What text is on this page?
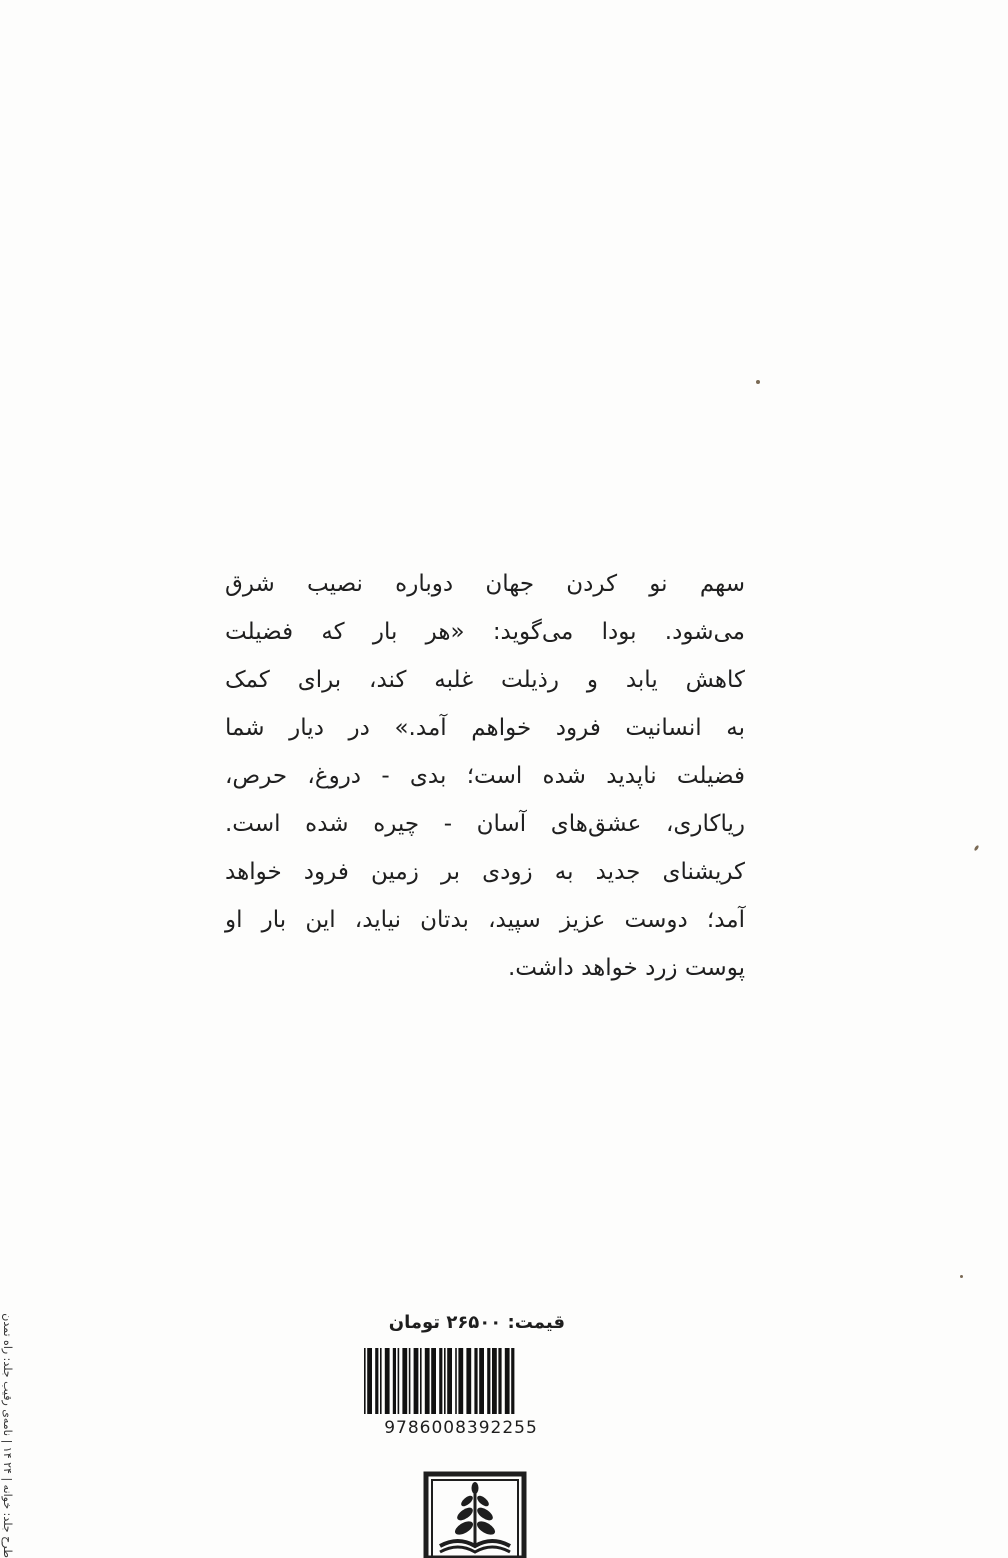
طرح جلد: خوانه | ۲۴ ۱۴ | نامه‌ی رقیب جلد: راه تمدن
سهم نو کردن جهان دوباره نصیب شرق
می‌شود. بودا می‌گوید: «هر بار که فضیلت
کاهش یابد و رذیلت غلبه کند، برای کمک
به انسانیت فرود خواهم آمد.» در دیار شما
فضیلت ناپدید شده است؛ بدی - دروغ، حرص،
ریاکاری، عشق‌های آسان - چیره شده است.
کریشنای جدید به زودی بر زمین فرود خواهد
آمد؛ دوست عزیز سپید، بدتان نیاید، این بار او
پوست زرد خواهد داشت.
قیمت: ۲۶۵۰۰ تومان
9786008392255
